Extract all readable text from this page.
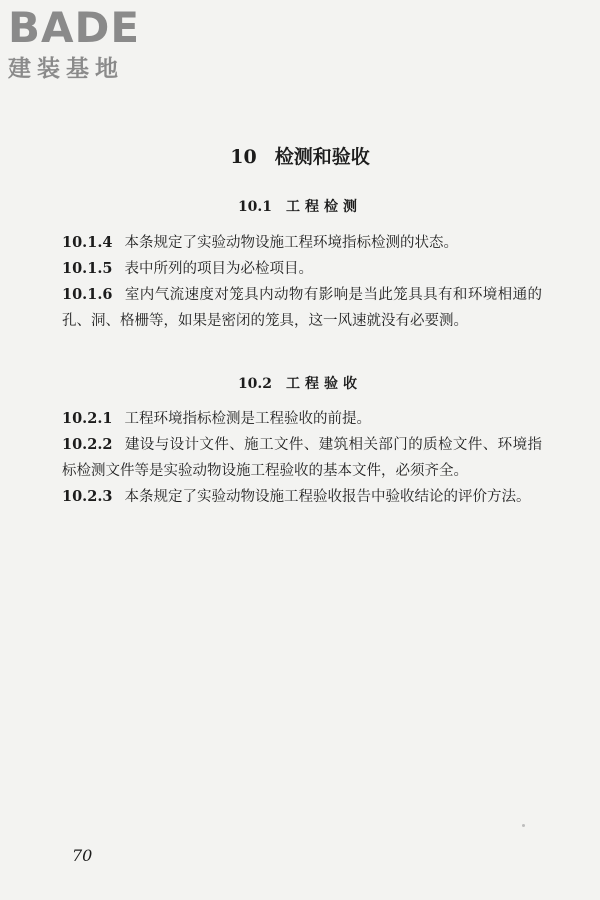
BADE
建装基地
10 检测和验收
10.1 工程检测

10.1.4 本条规定了实验动物设施工程环境指标检测的状态。

10.1.5 表中所列的项目为必检项目。

10.1.6 室内气流速度对笼具内动物有影响是当此笼具具有和环境相通的孔、洞、格栅等，如果是密闭的笼具，这一风速就没有必要测。

10.2 工程验收

10.2.1 工程环境指标检测是工程验收的前提。

10.2.2 建设与设计文件、施工文件、建筑相关部门的质检文件、环境指标检测文件等是实验动物设施工程验收的基本文件，必须齐全。

10.2.3 本条规定了实验动物设施工程验收报告中验收结论的评价方法。

70
